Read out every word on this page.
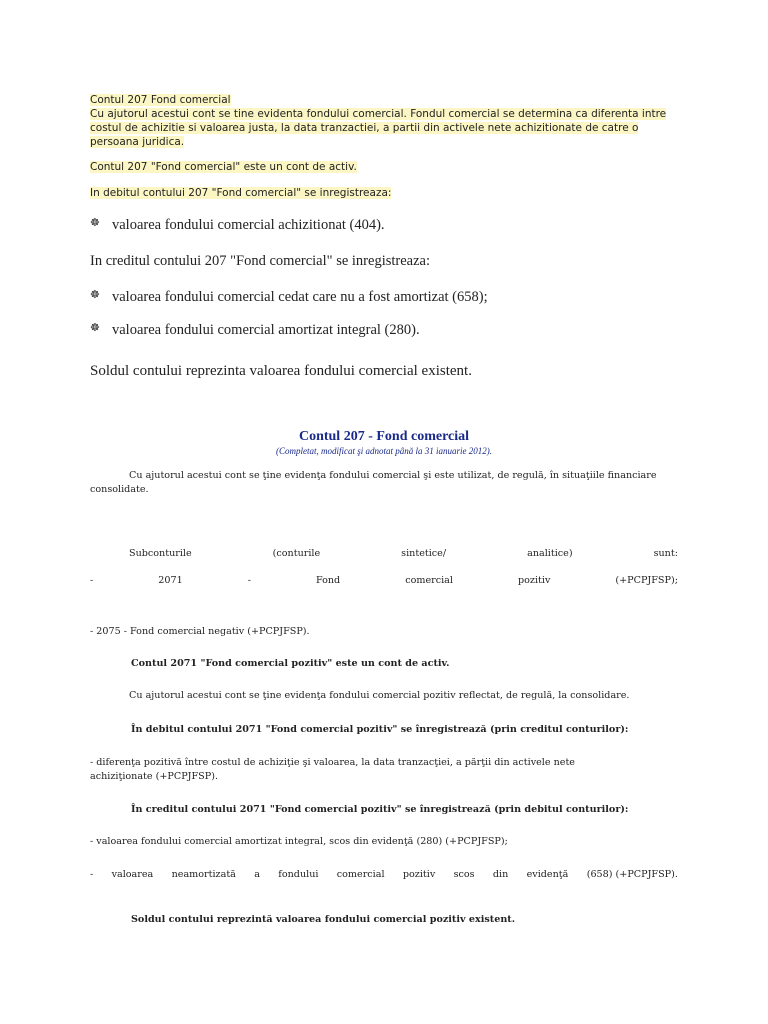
Contul 207 Fond comercial
Cu ajutorul acestui cont se tine evidenta fondului comercial. Fondul comercial se determina ca diferenta intre
costul de achizitie si valoarea justa, la data tranzactiei, a partii din activele nete achizitionate de catre o
persoana juridica.
Contul 207 "Fond comercial" este un cont de activ.
In debitul contului 207 "Fond comercial" se inregistreaza:
☸ valoarea fondului comercial achizitionat (404).
In creditul contului 207 "Fond comercial" se inregistreaza:
☸ valoarea fondului comercial cedat care nu a fost amortizat (658);
☸ valoarea fondului comercial amortizat integral (280).
Soldul contului reprezinta valoarea fondului comercial existent.
Contul 207 - Fond comercial
(Completat, modificat şi adnotat până la 31 ianuarie 2012).
Cu ajutorul acestui cont se ţine evidenţa fondului comercial şi este utilizat, de regulă, în situaţiile financiare
consolidate.
Subconturile	(conturile	sintetice/	analitice)	sunt:
-	2071	-	Fond	comercial	pozitiv	(+PCPJFSP);
- 2075 - Fond comercial negativ (+PCPJFSP).
Contul 2071 "Fond comercial pozitiv" este un cont de activ.
Cu ajutorul acestui cont se ţine evidenţa fondului comercial pozitiv reflectat, de regulă, la consolidare.
În debitul contului 2071 "Fond comercial pozitiv" se înregistrează (prin creditul conturilor):
- diferenţa pozitivă între costul de achiziţie şi valoarea, la data tranzacţiei, a părţii din activele nete
achiziţionate (+PCPJFSP).
În creditul contului 2071 "Fond comercial pozitiv" se înregistrează (prin debitul conturilor):
- valoarea fondului comercial amortizat integral, scos din evidenţă (280) (+PCPJFSP);
- valoarea neamortizată a fondului comercial pozitiv scos din evidenţă (658) (+PCPJFSP).
Soldul contului reprezintă valoarea fondului comercial pozitiv existent.
